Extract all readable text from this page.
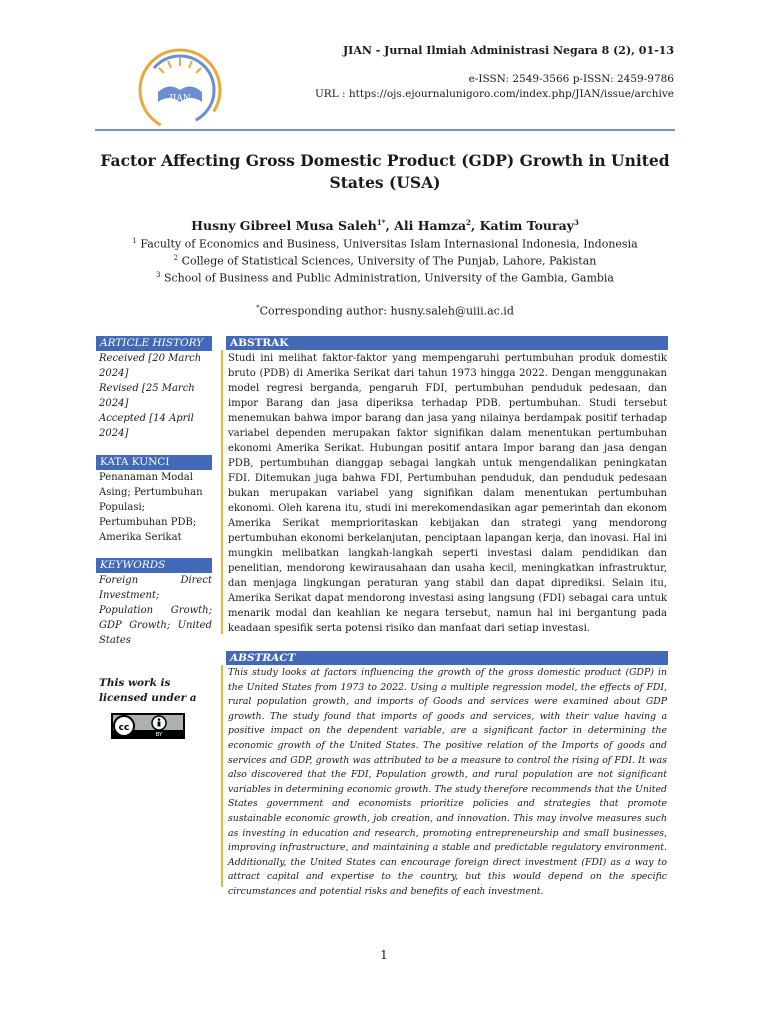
JIAN
JIAN - Jurnal Ilmiah Administrasi Negara 8 (2), 01-13
e-ISSN: 2549-3566 p-ISSN: 2459-9786
URL : https://ojs.ejournalunigoro.com/index.php/JIAN/issue/archive
Factor Affecting Gross Domestic Product (GDP) Growth in United States (USA)
Husny Gibreel Musa Saleh$^{1*}$, Ali Hamza$^2$, Katim Touray$^3$
$^1$ Faculty of Economics and Business, Universitas Islam Internasional Indonesia, Indonesia
$^2$ College of Statistical Sciences, University of The Punjab, Lahore, Pakistan
$^3$ School of Business and Public Administration, University of the Gambia, Gambia
*Corresponding author: husny.saleh@uiii.ac.id
ARTICLE HISTORY
Received [20 March 2024]
Revised [25 March 2024]
Accepted [14 April 2024]
KATA KUNCI
Penanaman Modal Asing; Pertumbuhan Populasi; Pertumbuhan PDB; Amerika Serikat
KEYWORDS
Foreign Direct Investment; Population Growth; GDP Growth; United States
This work is licensed under a
cc
BY
ABSTRAK
Studi ini melihat faktor-faktor yang mempengaruhi pertumbuhan produk domestik bruto (PDB) di Amerika Serikat dari tahun 1973 hingga 2022. Dengan menggunakan model regresi berganda, pengaruh FDI, pertumbuhan penduduk pedesaan, dan impor Barang dan jasa diperiksa terhadap PDB. pertumbuhan. Studi tersebut menemukan bahwa impor barang dan jasa yang nilainya berdampak positif terhadap variabel dependen merupakan faktor signifikan dalam menentukan pertumbuhan ekonomi Amerika Serikat. Hubungan positif antara Impor barang dan jasa dengan PDB, pertumbuhan dianggap sebagai langkah untuk mengendalikan peningkatan FDI. Ditemukan juga bahwa FDI, Pertumbuhan penduduk, dan penduduk pedesaan bukan merupakan variabel yang signifikan dalam menentukan pertumbuhan ekonomi. Oleh karena itu, studi ini merekomendasikan agar pemerintah dan ekonom Amerika Serikat memprioritaskan kebijakan dan strategi yang mendorong pertumbuhan ekonomi berkelanjutan, penciptaan lapangan kerja, dan inovasi. Hal ini mungkin melibatkan langkah-langkah seperti investasi dalam pendidikan dan penelitian, mendorong kewirausahaan dan usaha kecil, meningkatkan infrastruktur, dan menjaga lingkungan peraturan yang stabil dan dapat diprediksi. Selain itu, Amerika Serikat dapat mendorong investasi asing langsung (FDI) sebagai cara untuk menarik modal dan keahlian ke negara tersebut, namun hal ini bergantung pada keadaan spesifik serta potensi risiko dan manfaat dari setiap investasi.
ABSTRACT
This study looks at factors influencing the growth of the gross domestic product (GDP) in the United States from 1973 to 2022. Using a multiple regression model, the effects of FDI, rural population growth, and imports of Goods and services were examined about GDP growth. The study found that imports of goods and services, with their value having a positive impact on the dependent variable, are a significant factor in determining the economic growth of the United States. The positive relation of the Imports of goods and services and GDP, growth was attributed to be a measure to control the rising of FDI. It was also discovered that the FDI, Population growth, and rural population are not significant variables in determining economic growth. The study therefore recommends that the United States government and economists prioritize policies and strategies that promote sustainable economic growth, job creation, and innovation. This may involve measures such as investing in education and research, promoting entrepreneurship and small businesses, improving infrastructure, and maintaining a stable and predictable regulatory environment. Additionally, the United States can encourage foreign direct investment (FDI) as a way to attract capital and expertise to the country, but this would depend on the specific circumstances and potential risks and benefits of each investment.
1
